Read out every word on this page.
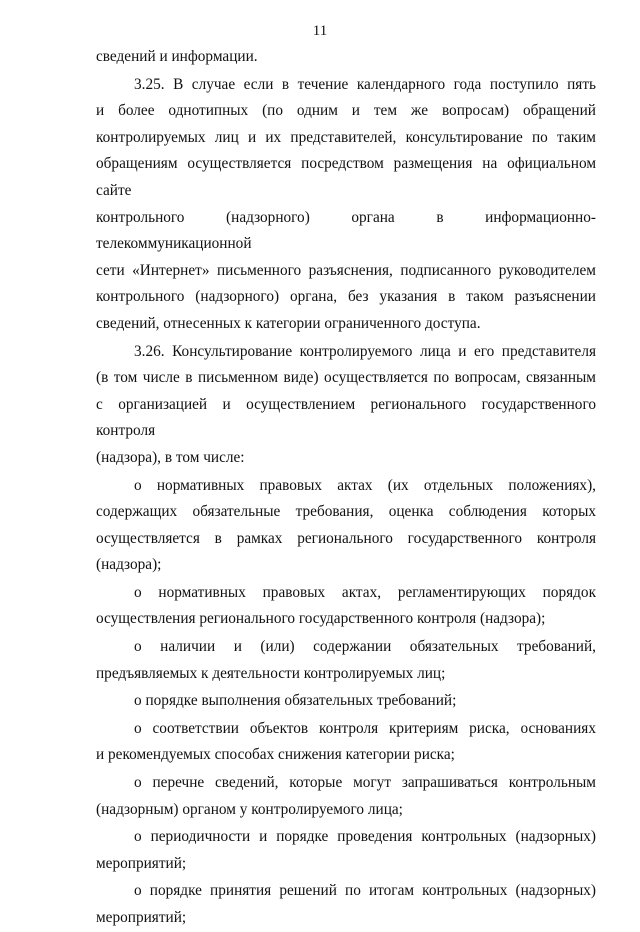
11

сведений и информации.

3.25. В случае если в течение календарного года поступило пять
и более однотипных (по одним и тем же вопросам) обращений
контролируемых лиц и их представителей, консультирование по таким
обращениям осуществляется посредством размещения на официальном сайте
контрольного (надзорного) органа в информационно-телекоммуникационной
сети «Интернет» письменного разъяснения, подписанного руководителем
контрольного (надзорного) органа, без указания в таком разъяснении
сведений, отнесенных к категории ограниченного доступа.

3.26. Консультирование контролируемого лица и его представителя
(в том числе в письменном виде) осуществляется по вопросам, связанным
с организацией и осуществлением регионального государственного контроля
(надзора), в том числе:

о нормативных правовых актах (их отдельных положениях),
содержащих обязательные требования, оценка соблюдения которых
осуществляется в рамках регионального государственного контроля
(надзора);

о нормативных правовых актах, регламентирующих порядок
осуществления регионального государственного контроля (надзора);

о наличии и (или) содержании обязательных требований,
предъявляемых к деятельности контролируемых лиц;

о порядке выполнения обязательных требований;

о соответствии объектов контроля критериям риска, основаниях
и рекомендуемых способах снижения категории риска;

о перечне сведений, которые могут запрашиваться контрольным
(надзорным) органом у контролируемого лица;

о периодичности и порядке проведения контрольных (надзорных)
мероприятий;

о порядке принятия решений по итогам контрольных (надзорных)
мероприятий;
